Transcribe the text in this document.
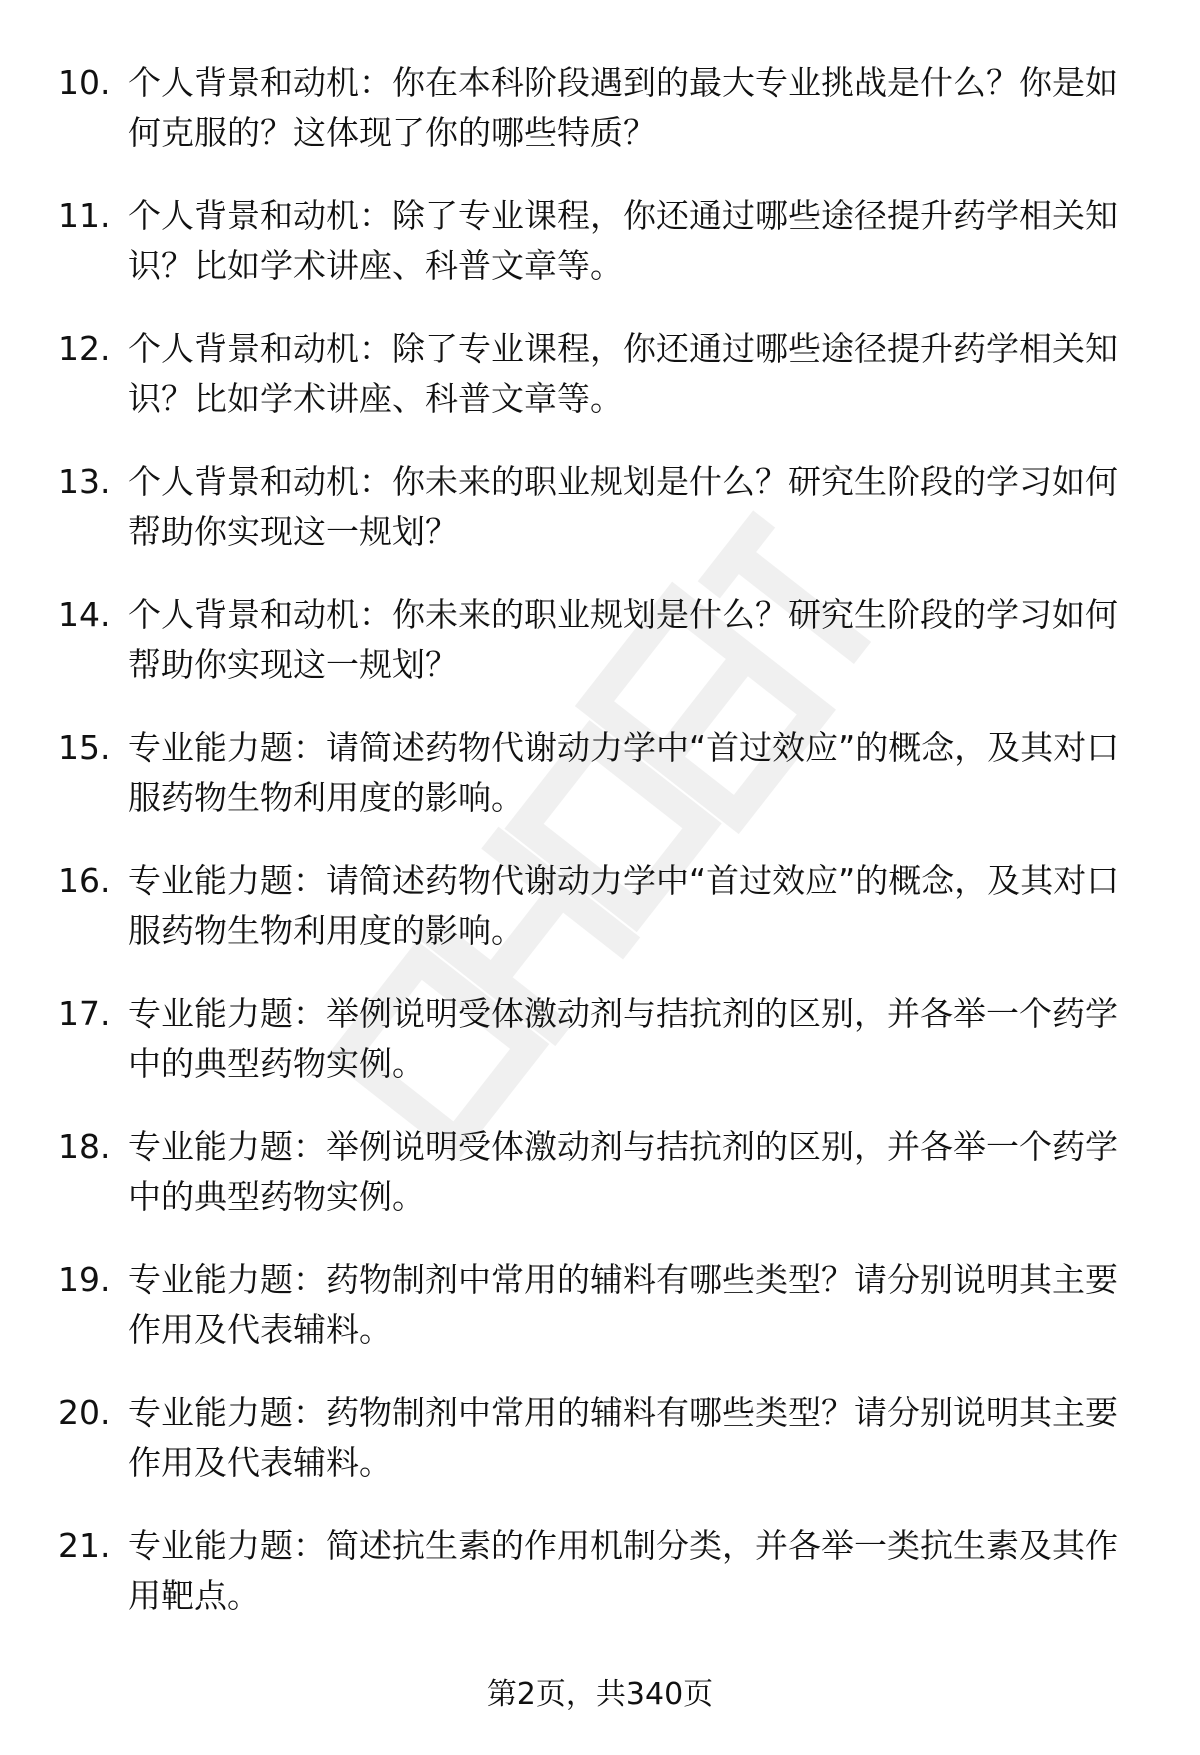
10. 个人背景和动机：你在本科阶段遇到的最大专业挑战是什么？你是如何克服的？这体现了你的哪些特质？
11. 个人背景和动机：除了专业课程，你还通过哪些途径提升药学相关知识？比如学术讲座、科普文章等。
12. 个人背景和动机：除了专业课程，你还通过哪些途径提升药学相关知识？比如学术讲座、科普文章等。
13. 个人背景和动机：你未来的职业规划是什么？研究生阶段的学习如何帮助你实现这一规划？
14. 个人背景和动机：你未来的职业规划是什么？研究生阶段的学习如何帮助你实现这一规划？
15. 专业能力题：请简述药物代谢动力学中“首过效应”的概念，及其对口服药物生物利用度的影响。
16. 专业能力题：请简述药物代谢动力学中“首过效应”的概念，及其对口服药物生物利用度的影响。
17. 专业能力题：举例说明受体激动剂与拮抗剂的区别，并各举一个药学中的典型药物实例。
18. 专业能力题：举例说明受体激动剂与拮抗剂的区别，并各举一个药学中的典型药物实例。
19. 专业能力题：药物制剂中常用的辅料有哪些类型？请分别说明其主要作用及代表辅料。
20. 专业能力题：药物制剂中常用的辅料有哪些类型？请分别说明其主要作用及代表辅料。
21. 专业能力题：简述抗生素的作用机制分类，并各举一类抗生素及其作用靶点。
第2页，共340页
